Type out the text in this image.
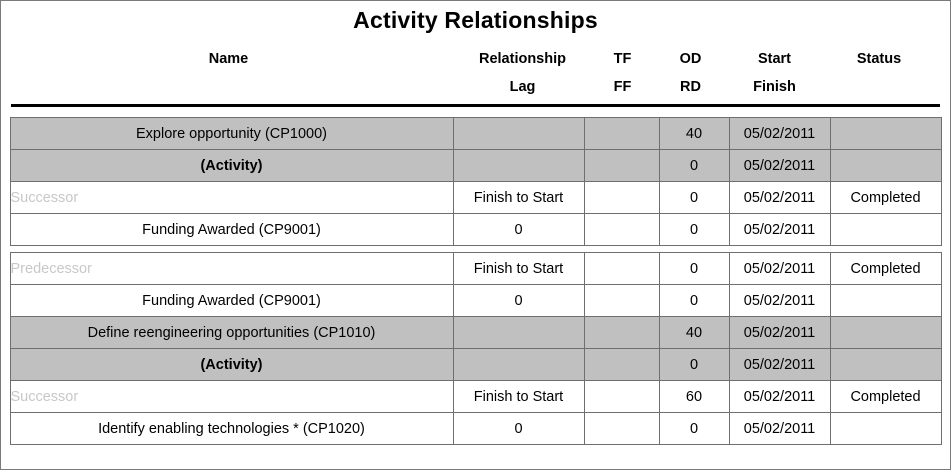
Activity Relationships
Name	Relationship	TF	OD	Start	Status	
	Lag	FF	RD	Finish		
Explore opportunity (CP1000)			40	05/02/2011	
(Activity)			0	05/02/2011	
Successor	Finish to Start		0	05/02/2011	Completed
Funding Awarded (CP9001)	0		0	05/02/2011	

Predecessor	Finish to Start		0	05/02/2011	Completed
Funding Awarded (CP9001)	0		0	05/02/2011	
Define reengineering opportunities (CP1010)			40	05/02/2011	
(Activity)			0	05/02/2011	
Successor	Finish to Start		60	05/02/2011	Completed
Identify enabling technologies * (CP1020)	0		0	05/02/2011	
